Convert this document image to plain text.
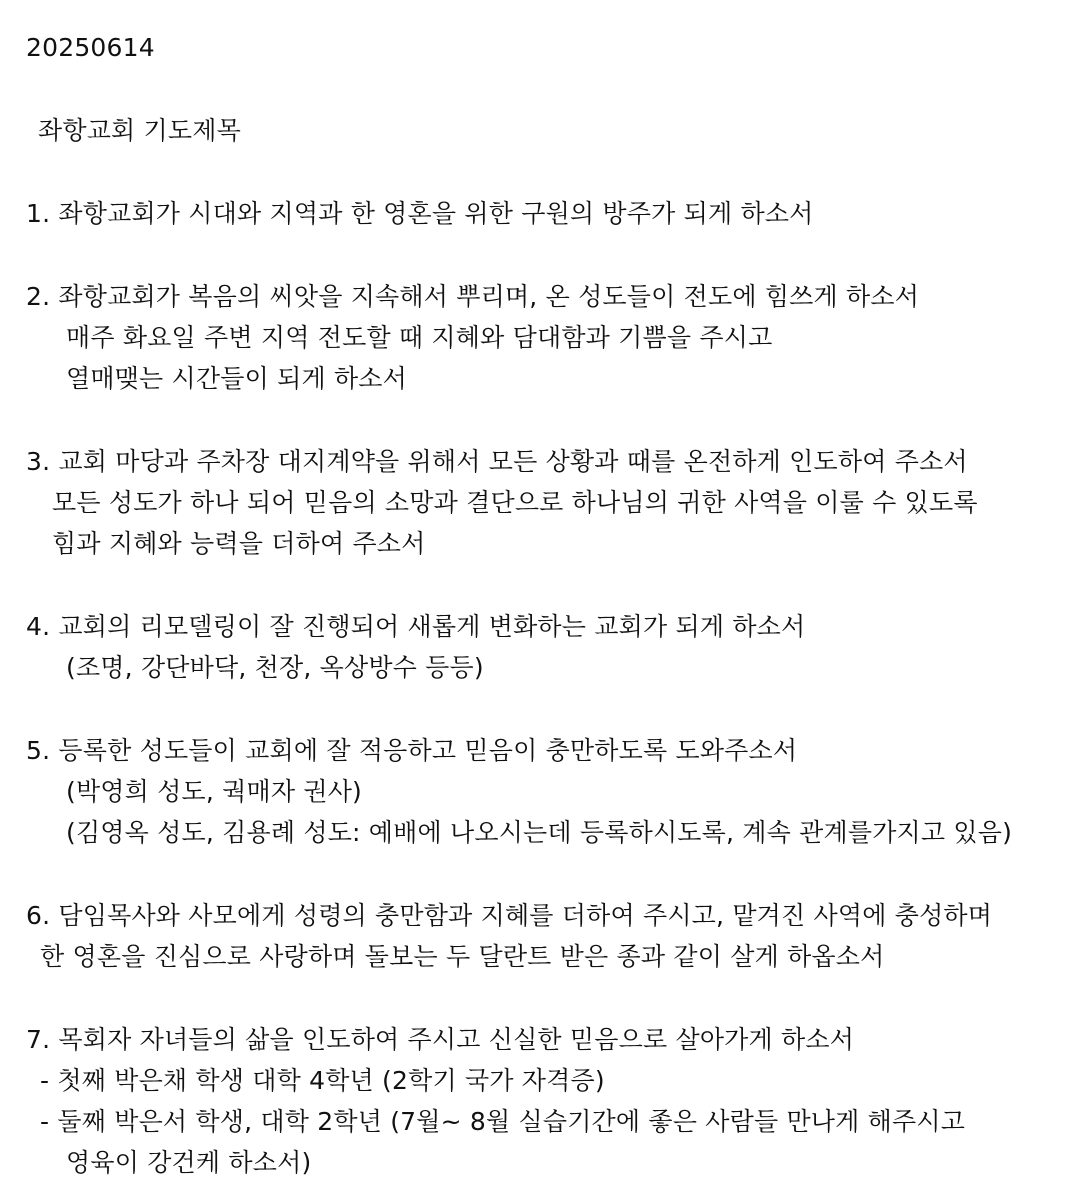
20250614
좌항교회 기도제목
1. 좌항교회가 시대와 지역과 한 영혼을 위한 구원의 방주가 되게 하소서
2. 좌항교회가 복음의 씨앗을 지속해서 뿌리며, 온 성도들이 전도에 힘쓰게 하소서
매주 화요일 주변 지역 전도할 때 지혜와 담대함과 기쁨을 주시고
열매맺는 시간들이 되게 하소서
3. 교회 마당과 주차장 대지계약을 위해서 모든 상황과 때를 온전하게 인도하여 주소서
모든 성도가 하나 되어 믿음의 소망과 결단으로 하나님의 귀한 사역을 이룰 수 있도록
힘과 지혜와 능력을 더하여 주소서
4. 교회의 리모델링이 잘 진행되어 새롭게 변화하는 교회가 되게 하소서
(조명, 강단바닥, 천장, 옥상방수 등등)
5. 등록한 성도들이 교회에 잘 적응하고 믿음이 충만하도록 도와주소서
(박영희 성도, 궉매자 권사)
(김영옥 성도, 김용례 성도: 예배에 나오시는데 등록하시도록, 계속 관계를가지고 있음)
6. 담임목사와 사모에게 성령의 충만함과 지혜를 더하여 주시고, 맡겨진 사역에 충성하며
한 영혼을 진심으로 사랑하며 돌보는 두 달란트 받은 종과 같이 살게 하옵소서
7. 목회자 자녀들의 삶을 인도하여 주시고 신실한 믿음으로 살아가게 하소서
- 첫째 박은채 학생 대학 4학년 (2학기 국가 자격증)
- 둘째 박은서 학생, 대학 2학년 (7월~ 8월 실습기간에 좋은 사람들 만나게 해주시고
영육이 강건케 하소서)
